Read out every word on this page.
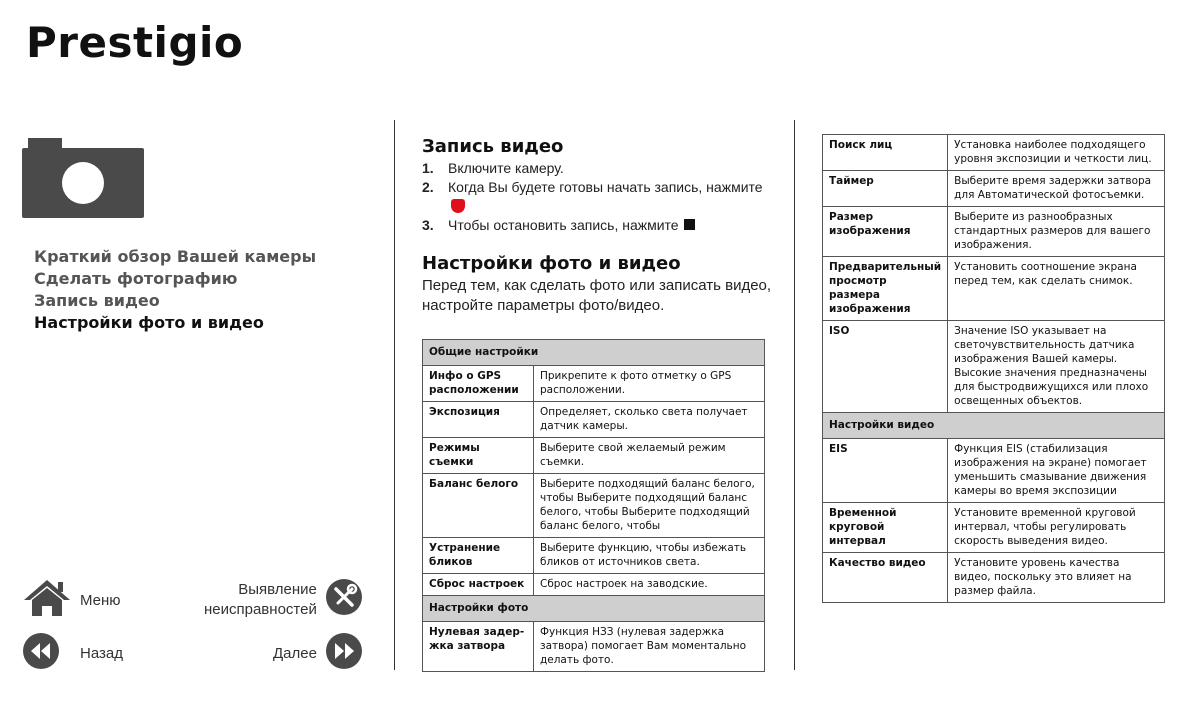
Prestigio
Краткий обзор Вашей камеры
Сделать фотографию
Запись видео
Настройки фото и видео
Меню
Выявление
неисправностей
Назад	Далее
Запись видео
1.	Включите камеру.
2.	Когда Вы будете готовы начать запись, нажмите
3.	Чтобы остановить запись, нажмите
Настройки фото и видео
Перед тем, как сделать фото или записать видео, настройте параметры фото/видео.
Общие настройки	
Инфо о GPS расположении	Прикрепите к фото отметку о GPS расположении.
Экспозиция	Определяет, сколько света получает датчик камеры.
Режимы съемки	Выберите свой желаемый режим съемки.
Баланс белого	Выберите подходящий баланс белого, чтобы Выберите подходящий баланс белого, чтобы Выберите подходящий баланс белого, чтобы
Устранение бликов	Выберите функцию, чтобы избежать бликов от источников света.
Сброс настроек	Сброс настроек на заводские.
Настройки фото	
Нулевая задер-жка затвора	Функция НЗЗ (нулевая задержка затвора) помогает Вам моментально делать фото.
Поиск лиц	Установка наиболее подходящего уровня экспозиции и четкости лиц.
Таймер	Выберите время задержки затвора для Автоматической фотосъемки.
Размер изображения	Выберите из разнообразных стандартных размеров для вашего изображения.
Предварительный просмотр размера изображения	Установить соотношение экрана перед тем, как сделать снимок.
ISO	Значение ISO указывает на светочувствительность датчика изображения Вашей камеры. Высокие значения предназначены для быстродвижущихся или плохо освещенных объектов.
Настройки видео	
EIS	Функция EIS (стабилизация изображения на экране) помогает уменьшить смазывание движения камеры во время экспозиции
Временной круговой интервал	Установите временной круговой интервал, чтобы регулировать скорость выведения видео.
Качество видео	Установите уровень качества видео, поскольку это влияет на размер файла.
